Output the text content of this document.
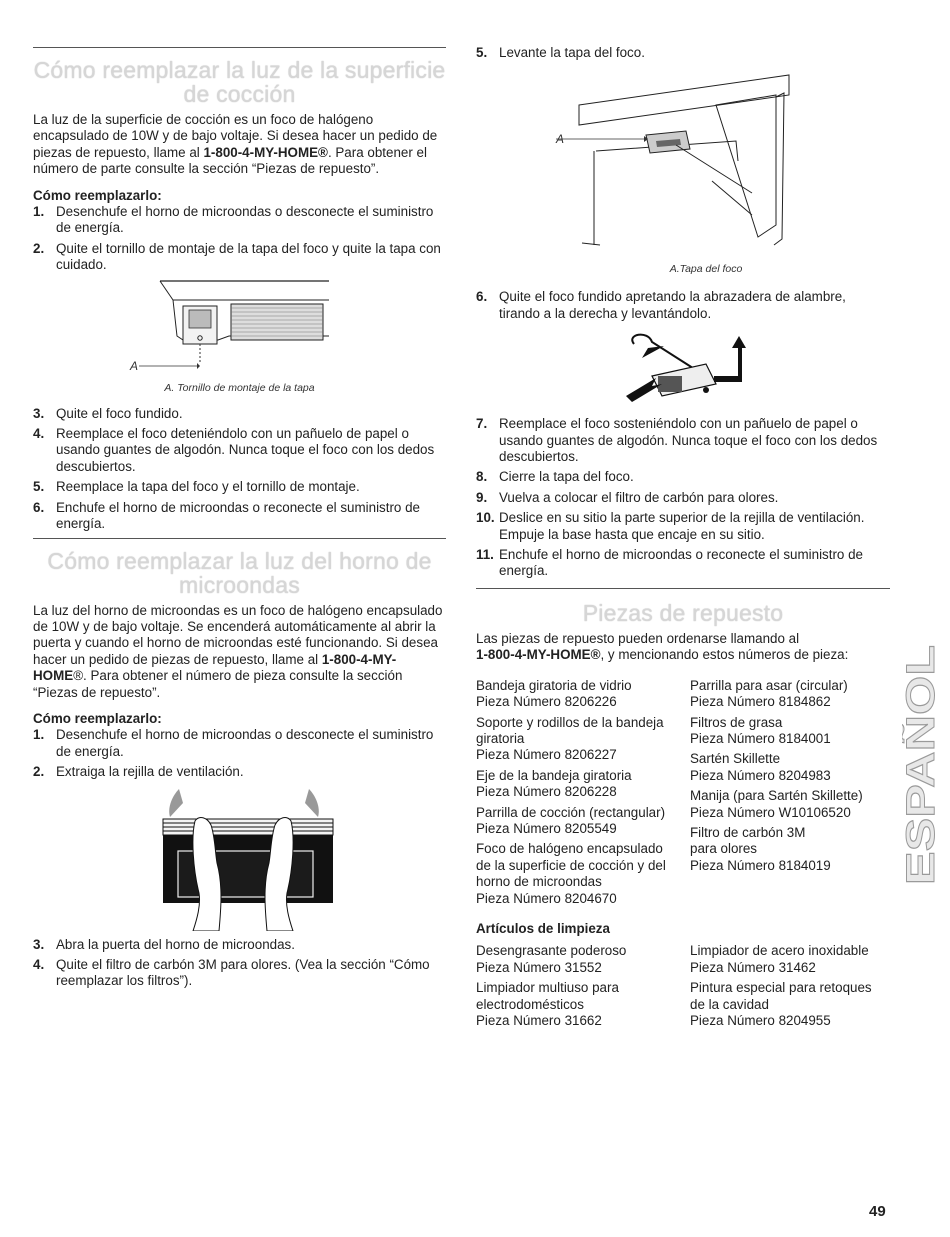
Cómo reemplazar la luz de la superficie
de cocción

La luz de la superficie de cocción es un foco de halógeno encapsulado de 10W y de bajo voltaje. Si desea hacer un pedido de piezas de repuesto, llame al 1-800-4-MY-HOME®. Para obtener el número de parte consulte la sección “Piezas de repuesto”.

Cómo reemplazarlo:

1. Desenchufe el horno de microondas o desconecte el suministro de energía.
2. Quite el tornillo de montaje de la tapa del foco y quite la tapa con cuidado.
A
A. Tornillo de montaje de la tapa
3. Quite el foco fundido.
4. Reemplace el foco deteniéndolo con un pañuelo de papel o usando guantes de algodón. Nunca toque el foco con los dedos descubiertos.
5. Reemplace la tapa del foco y el tornillo de montaje.
6. Enchufe el horno de microondas o reconecte el suministro de energía.
Cómo reemplazar la luz del horno de
microondas

La luz del horno de microondas es un foco de halógeno encapsulado de 10W y de bajo voltaje. Se encenderá automáticamente al abrir la puerta y cuando el horno de microondas esté funcionando. Si desea hacer un pedido de piezas de repuesto, llame al 1-800-4-MY-HOME®. Para obtener el número de pieza consulte la sección “Piezas de repuesto”.

Cómo reemplazarlo:

1. Desenchufe el horno de microondas o desconecte el suministro de energía.
2. Extraiga la rejilla de ventilación.
3. Abra la puerta del horno de microondas.
4. Quite el filtro de carbón 3M para olores. (Vea la sección “Cómo reemplazar los filtros”).
5. Levante la tapa del foco.
A
A.Tapa del foco
6. Quite el foco fundido apretando la abrazadera de alambre, tirando a la derecha y levantándolo.
7. Reemplace el foco sosteniéndolo con un pañuelo de papel o usando guantes de algodón. Nunca toque el foco con los dedos descubiertos.
8. Cierre la tapa del foco.
9. Vuelva a colocar el filtro de carbón para olores.
10. Deslice en su sitio la parte superior de la rejilla de ventilación. Empuje la base hasta que encaje en su sitio.
11. Enchufe el horno de microondas o reconecte el suministro de energía.
Piezas de repuesto

Las piezas de repuesto pueden ordenarse llamando al
1-800-4-MY-HOME®, y mencionando estos números de pieza:

Bandeja giratoria de vidrio
Pieza Número 8206226
Soporte y rodillos de la bandeja giratoria
Pieza Número 8206227
Eje de la bandeja giratoria
Pieza Número 8206228
Parrilla de cocción (rectangular)
Pieza Número 8205549
Foco de halógeno encapsulado de la superficie de cocción y del horno de microondas
Pieza Número 8204670
Parrilla para asar (circular)
Pieza Número 8184862
Filtros de grasa
Pieza Número 8184001
Sartén Skillette
Pieza Número 8204983
Manija (para Sartén Skillette)
Pieza Número W10106520
Filtro de carbón 3M
para olores
Pieza Número 8184019

Artículos de limpieza

Desengrasante poderoso
Pieza Número 31552
Limpiador multiuso para electrodomésticos
Pieza Número 31662
Limpiador de acero inoxidable
Pieza Número 31462
Pintura especial para retoques de la cavidad
Pieza Número 8204955
ESPAÑOL
49
